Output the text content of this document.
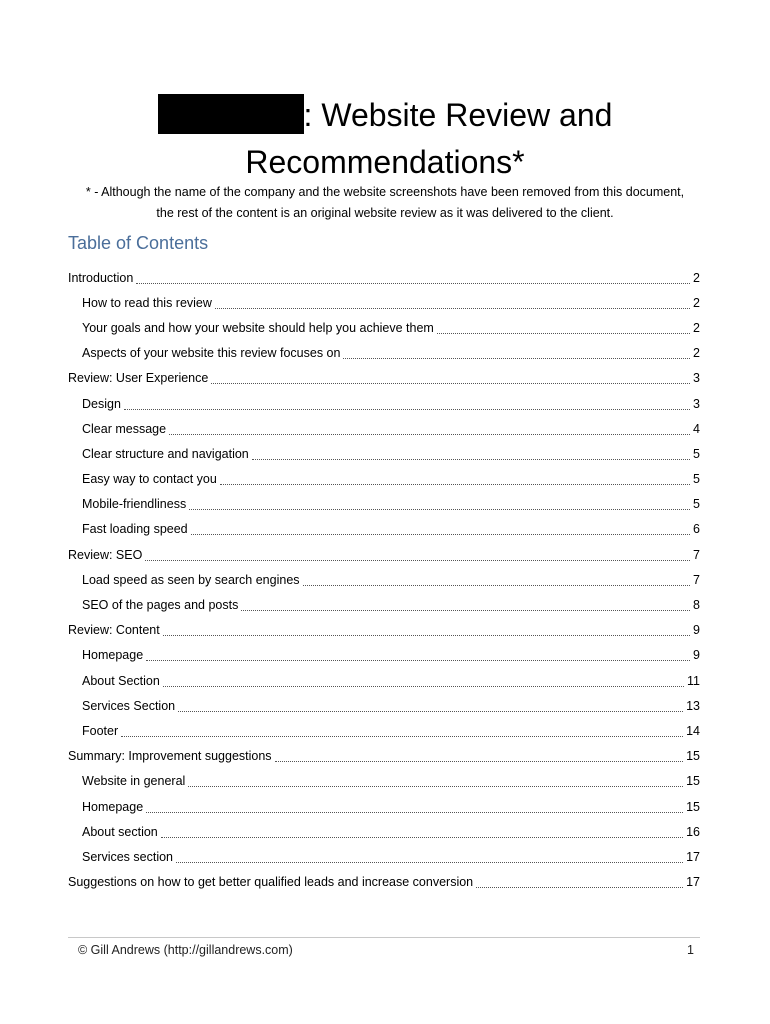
: Website Review and
Recommendations*
* - Although the name of the company and the website screenshots have been removed from this document,
the rest of the content is an original website review as it was delivered to the client.
Table of Contents
Introduction	2
How to read this review	2
Your goals and how your website should help you achieve them	2
Aspects of your website this review focuses on	2
Review: User Experience	3
Design	3
Clear message	4
Clear structure and navigation	5
Easy way to contact you	5
Mobile-friendliness	5
Fast loading speed	6
Review: SEO	7
Load speed as seen by search engines	7
SEO of the pages and posts	8
Review: Content	9
Homepage	9
About Section	11
Services Section	13
Footer	14
Summary: Improvement suggestions	15
Website in general	15
Homepage	15
About section	16
Services section	17
Suggestions on how to get better qualified leads and increase conversion	17
© Gill Andrews (http://gillandrews.com)	1
